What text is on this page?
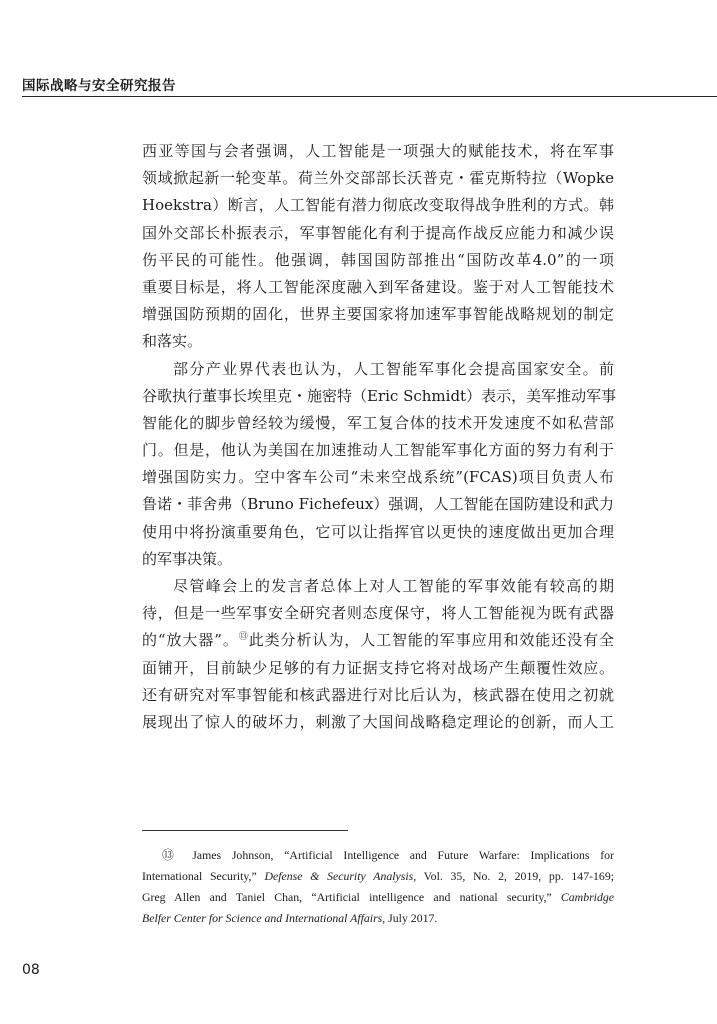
国际战略与安全研究报告
西亚等国与会者强调，人工智能是一项强大的赋能技术，将在军事
领域掀起新一轮变革。荷兰外交部部长沃普克・霍克斯特拉（Wopke
Hoekstra）断言，人工智能有潜力彻底改变取得战争胜利的方式。韩
国外交部长朴振表示，军事智能化有利于提高作战反应能力和减少误
伤平民的可能性。他强调，韩国国防部推出“国防改革4.0”的一项
重要目标是，将人工智能深度融入到军备建设。鉴于对人工智能技术
增强国防预期的固化，世界主要国家将加速军事智能战略规划的制定
和落实。
部分产业界代表也认为，人工智能军事化会提高国家安全。前
谷歌执行董事长埃里克・施密特（Eric Schmidt）表示，美军推动军事
智能化的脚步曾经较为缓慢，军工复合体的技术开发速度不如私营部
门。但是，他认为美国在加速推动人工智能军事化方面的努力有利于
增强国防实力。空中客车公司“未来空战系统”(FCAS)项目负责人布
鲁诺・菲舍弗（Bruno Fichefeux）强调，人工智能在国防建设和武力
使用中将扮演重要角色，它可以让指挥官以更快的速度做出更加合理
的军事决策。
尽管峰会上的发言者总体上对人工智能的军事效能有较高的期
待，但是一些军事安全研究者则态度保守，将人工智能视为既有武器
的“放大器”。⑬此类分析认为，人工智能的军事应用和效能还没有全
面铺开，目前缺少足够的有力证据支持它将对战场产生颠覆性效应。
还有研究对军事智能和核武器进行对比后认为，核武器在使用之初就
展现出了惊人的破坏力，刺激了大国间战略稳定理论的创新，而人工
⑬ James Johnson, “Artificial Intelligence and Future Warfare: Implications for
International Security,” Defense & Security Analysis, Vol. 35, No. 2, 2019, pp. 147-169;
Greg Allen and Taniel Chan, “Artificial intelligence and national security,” Cambridge
Belfer Center for Science and International Affairs, July 2017.
08
